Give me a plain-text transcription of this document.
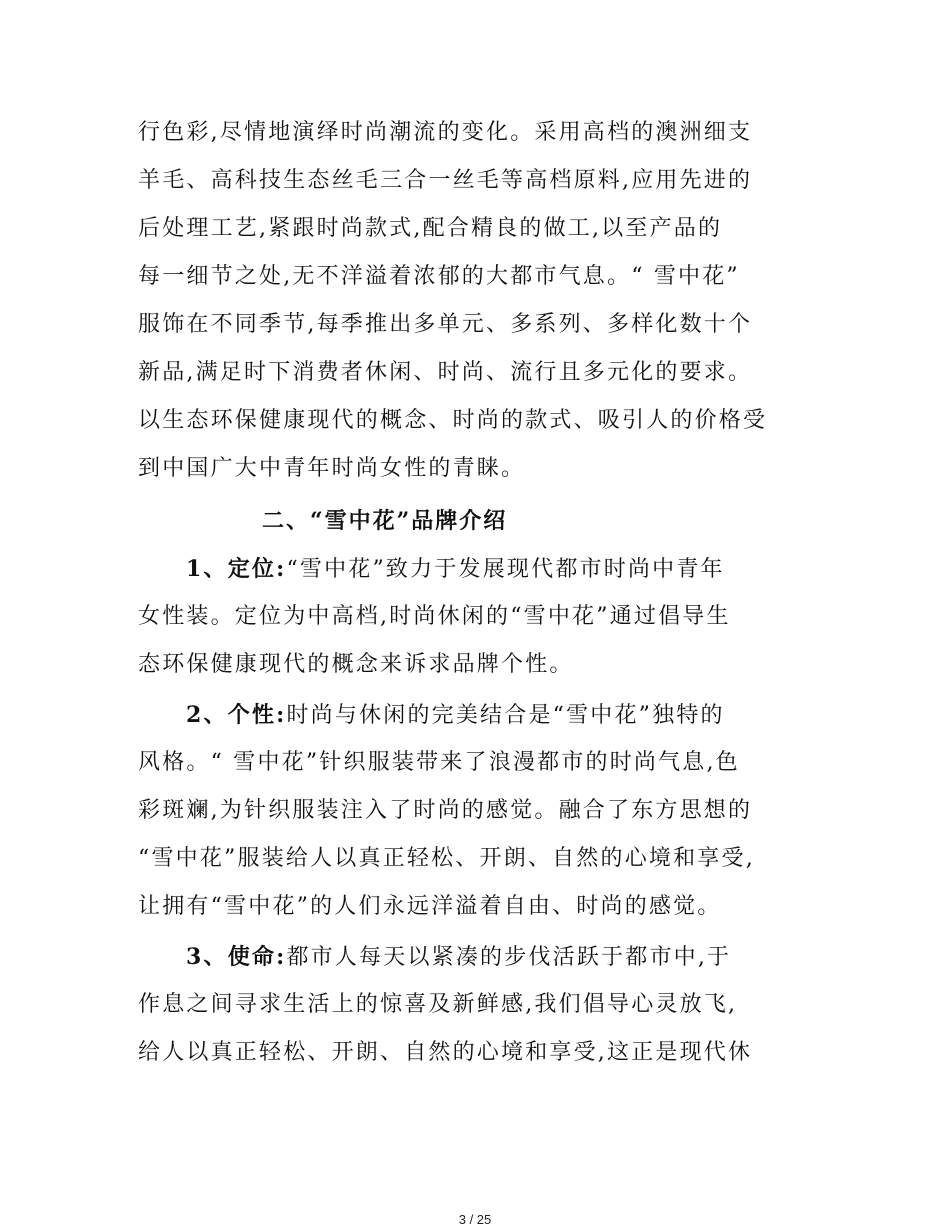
行色彩,尽情地演绎时尚潮流的变化。采用高档的澳洲细支
羊毛、高科技生态丝毛三合一丝毛等高档原料,应用先进的
后处理工艺,紧跟时尚款式,配合精良的做工,以至产品的
每一细节之处,无不洋溢着浓郁的大都市气息。“ 雪中花”
服饰在不同季节,每季推出多单元、多系列、多样化数十个
新品,满足时下消费者休闲、时尚、流行且多元化的要求。
以生态环保健康现代的概念、时尚的款式、吸引人的价格受
到中国广大中青年时尚女性的青睐。
二、“雪中花”品牌介绍
1、定位:“雪中花”致力于发展现代都市时尚中青年
女性装。定位为中高档,时尚休闲的“雪中花”通过倡导生
态环保健康现代的概念来诉求品牌个性。
2、个性:时尚与休闲的完美结合是“雪中花”独特的
风格。“ 雪中花”针织服装带来了浪漫都市的时尚气息,色
彩斑斓,为针织服装注入了时尚的感觉。融合了东方思想的
“雪中花”服装给人以真正轻松、开朗、自然的心境和享受,
让拥有“雪中花”的人们永远洋溢着自由、时尚的感觉。
3、使命:都市人每天以紧凑的步伐活跃于都市中,于
作息之间寻求生活上的惊喜及新鲜感,我们倡导心灵放飞,
给人以真正轻松、开朗、自然的心境和享受,这正是现代休
3 / 25
